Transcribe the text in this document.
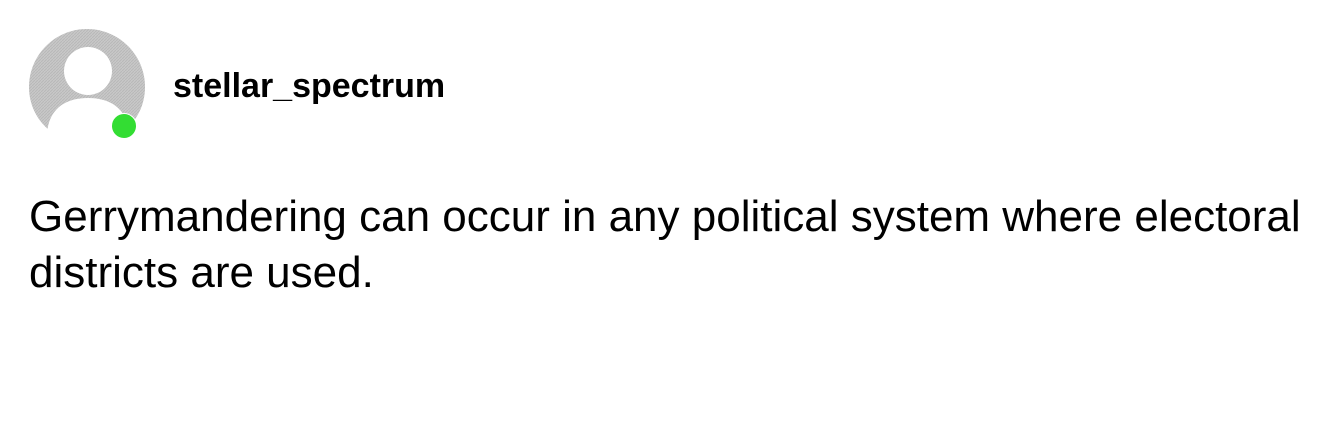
stellar_spectrum

Gerrymandering can occur in any political system where electoral districts are used.
